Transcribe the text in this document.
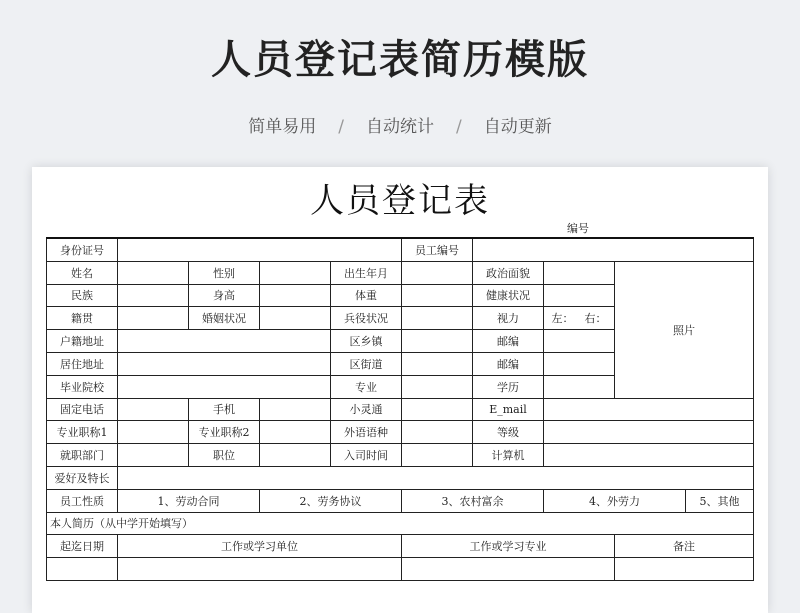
人员登记表简历模版
简单易用 / 自动统计 / 自动更新
人员登记表
编号
身份证号					员工编号				
姓名		性别		出生年月		政治面貌		照片	
民族		身高		体重		健康状况			
籍贯		婚姻状况		兵役状况		视力	左： 右：		

户籍地址				区乡镇		邮编			
居住地址				区街道		邮编			
毕业院校				专业		学历			
固定电话		手机		小灵通		E_mail			
专业职称1		专业职称2		外语语种		等级			
就职部门		职位		入司时间		计算机			
爱好及特长									
员工性质	1、劳动合同		2、劳务协议		3、农村富余		4、外劳力		5、其他
本人简历（从中学开始填写）									
起迄日期	工作或学习单位				工作或学习专业			备注	
